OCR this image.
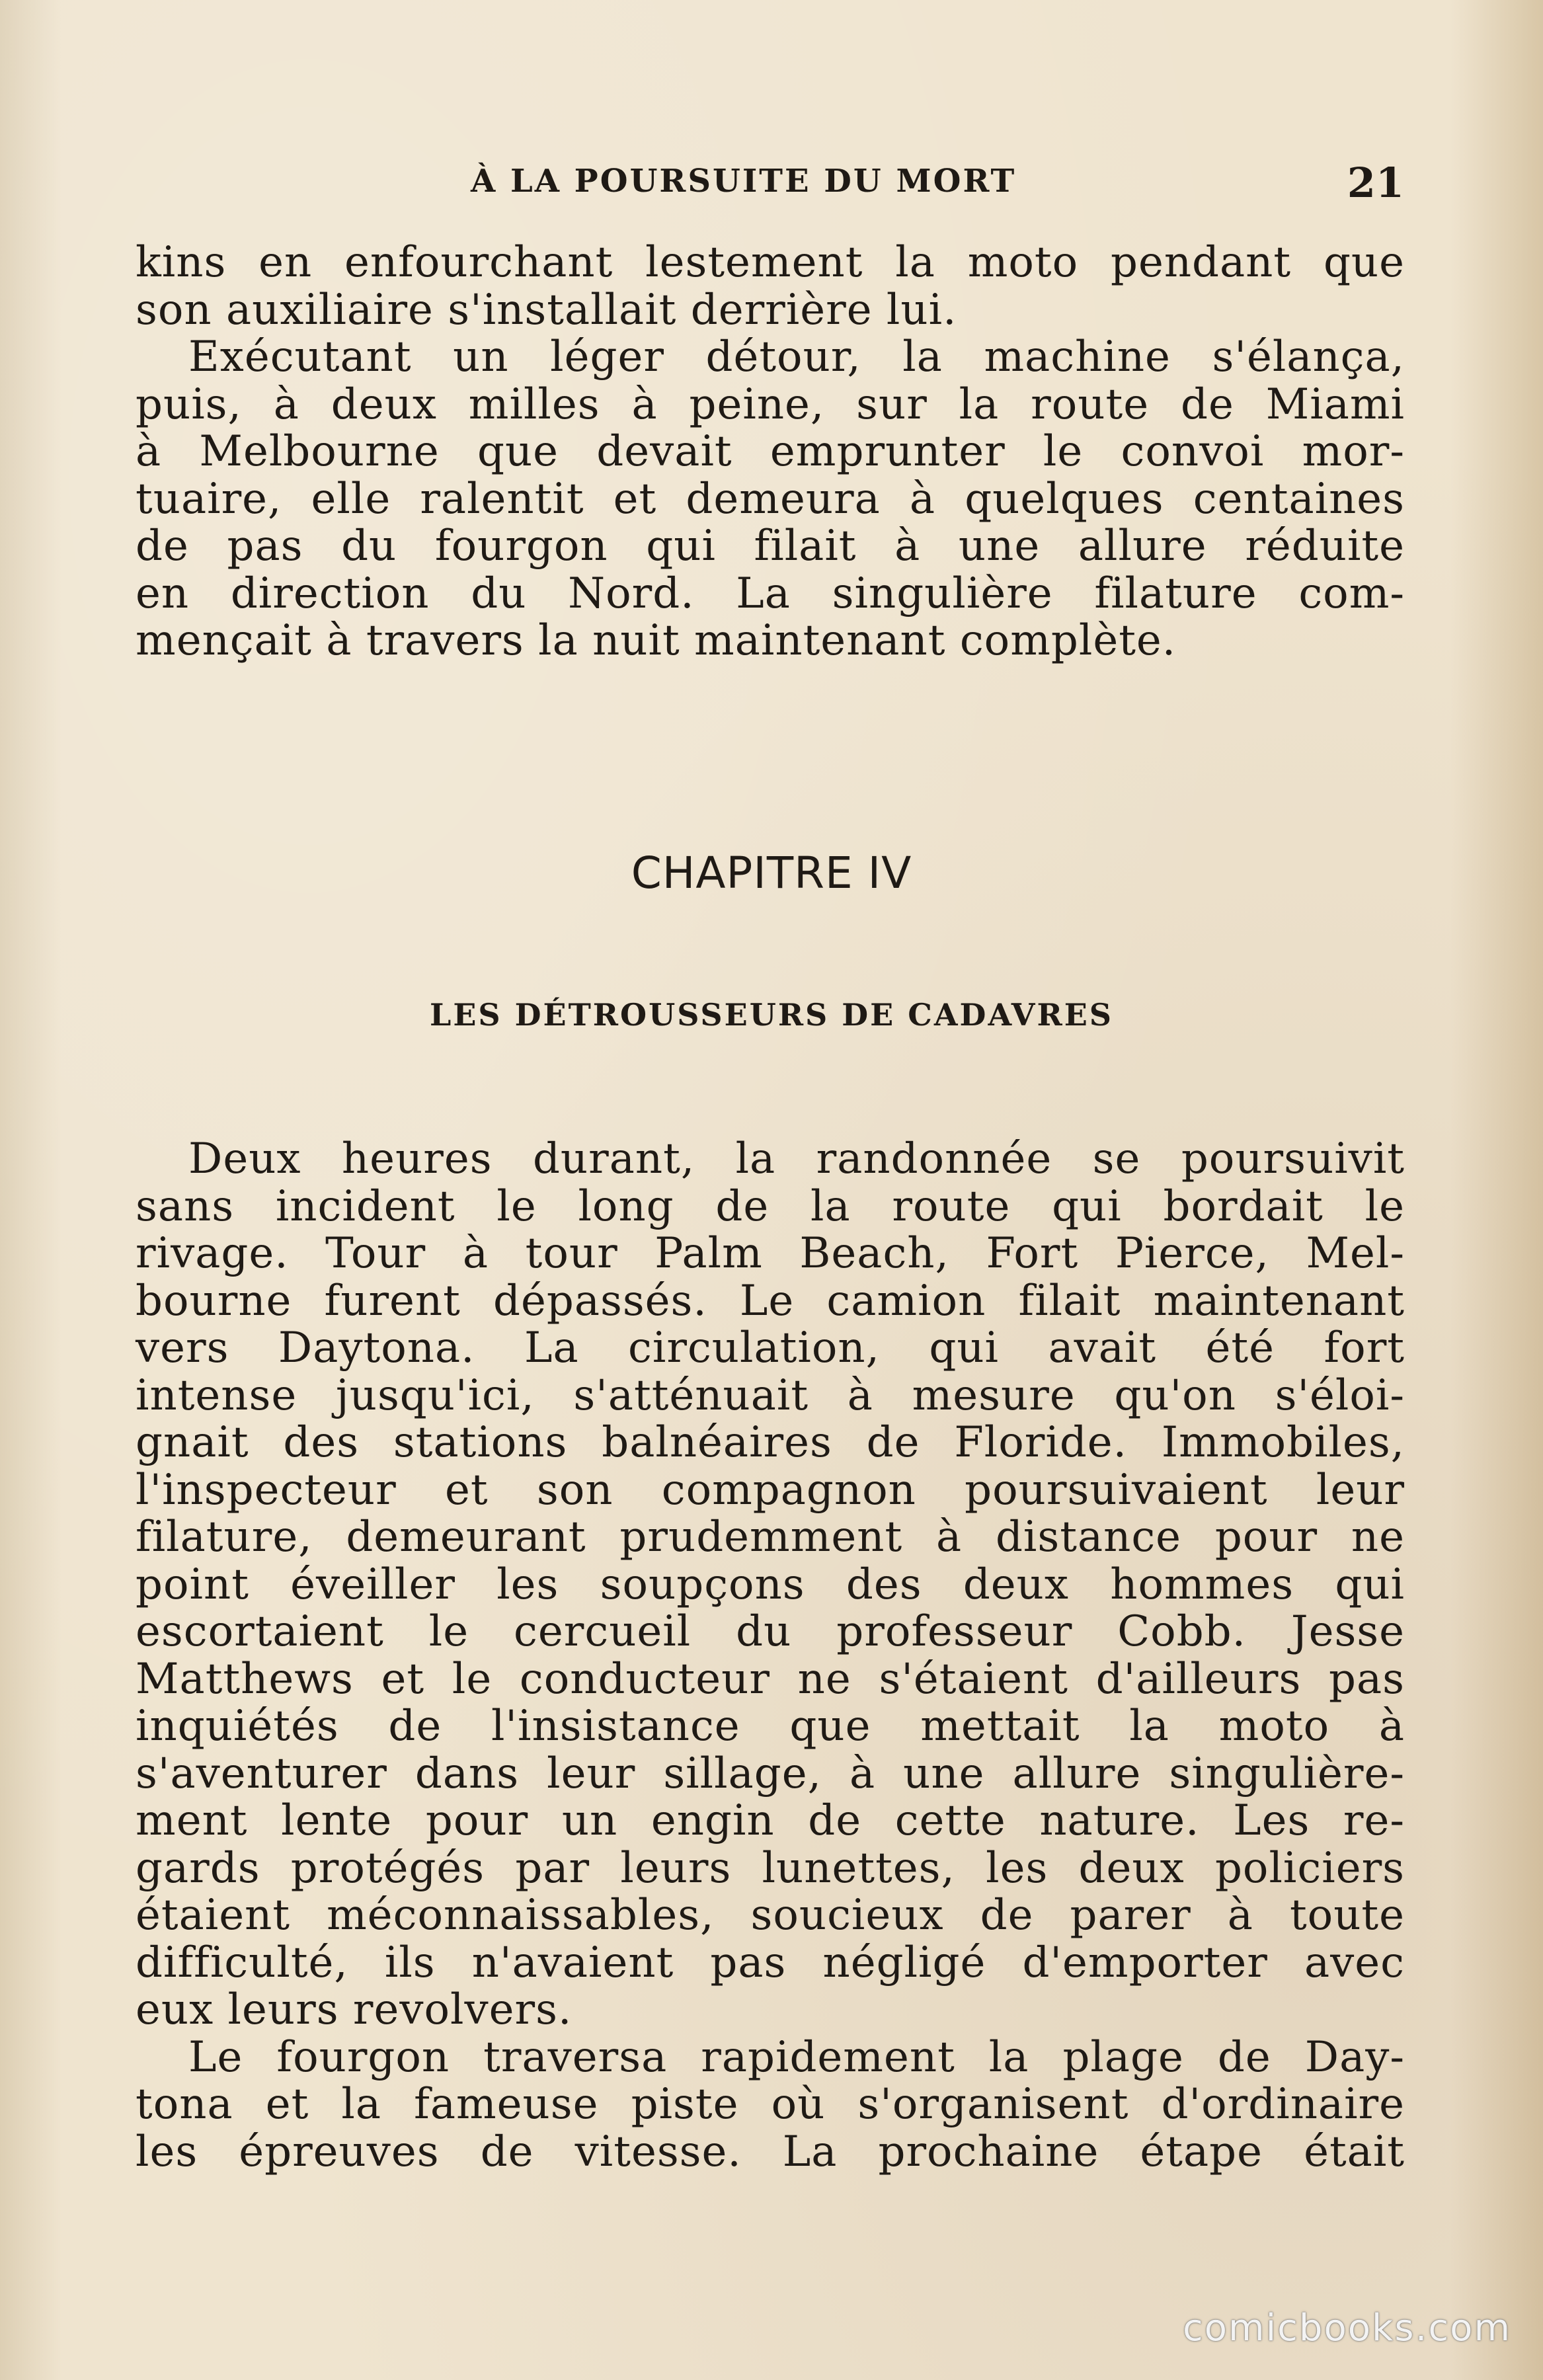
À LA POURSUITE DU MORT	21
kins en enfourchant lestement la moto pendant que
son auxiliaire s'installait derrière lui.
Exécutant un léger détour, la machine s'élança,
puis, à deux milles à peine, sur la route de Miami
à Melbourne que devait emprunter le convoi mor-
tuaire, elle ralentit et demeura à quelques centaines
de pas du fourgon qui filait à une allure réduite
en direction du Nord. La singulière filature com-
mençait à travers la nuit maintenant complète.
CHAPITRE IV
LES DÉTROUSSEURS DE CADAVRES
Deux heures durant, la randonnée se poursuivit
sans incident le long de la route qui bordait le
rivage. Tour à tour Palm Beach, Fort Pierce, Mel-
bourne furent dépassés. Le camion filait maintenant
vers Daytona. La circulation, qui avait été fort
intense jusqu'ici, s'atténuait à mesure qu'on s'éloi-
gnait des stations balnéaires de Floride. Immobiles,
l'inspecteur et son compagnon poursuivaient leur
filature, demeurant prudemment à distance pour ne
point éveiller les soupçons des deux hommes qui
escortaient le cercueil du professeur Cobb. Jesse
Matthews et le conducteur ne s'étaient d'ailleurs pas
inquiétés de l'insistance que mettait la moto à
s'aventurer dans leur sillage, à une allure singulière-
ment lente pour un engin de cette nature. Les re-
gards protégés par leurs lunettes, les deux policiers
étaient méconnaissables, soucieux de parer à toute
difficulté, ils n'avaient pas négligé d'emporter avec
eux leurs revolvers.
Le fourgon traversa rapidement la plage de Day-
tona et la fameuse piste où s'organisent d'ordinaire
les épreuves de vitesse. La prochaine étape était
comicbooks.com
